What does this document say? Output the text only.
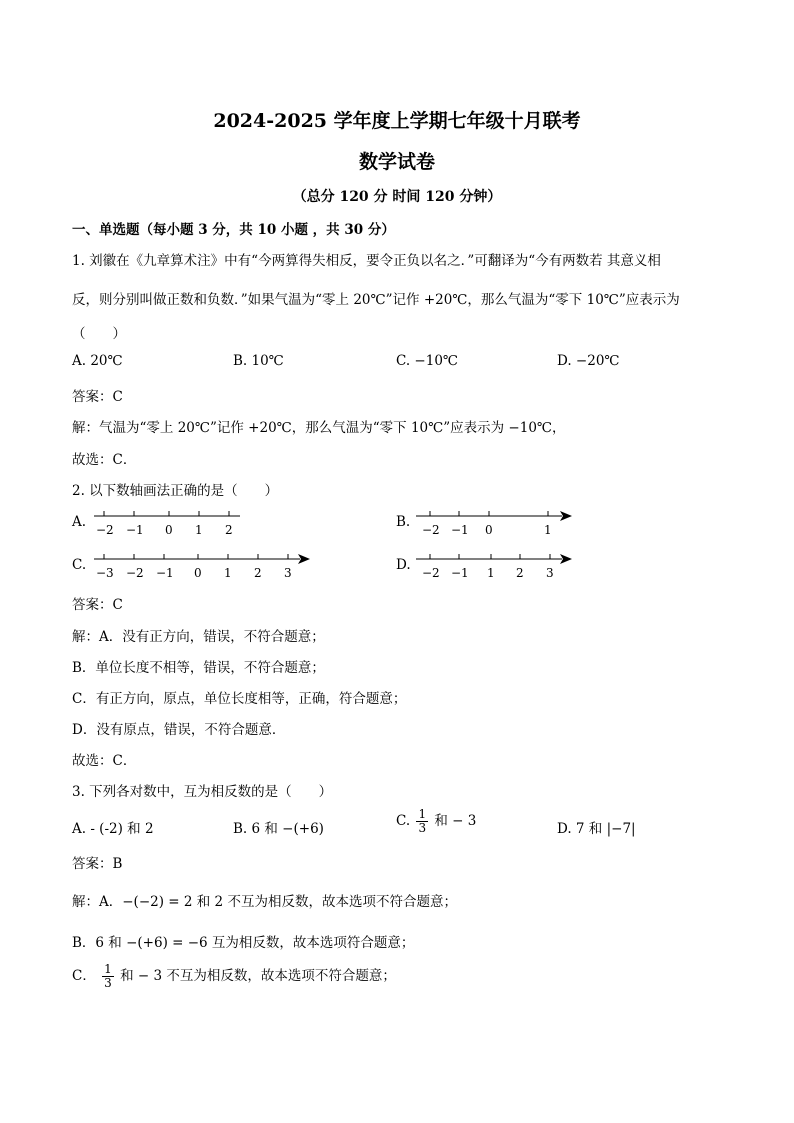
2024-2025 学年度上学期七年级十月联考
数学试卷
（总分 120 分 时间 120 分钟）
一、单选题（每小题 3 分，共 10 小题 ，共 30 分）
1. 刘徽在《九章算术注》中有“今两算得失相反，要令正负以名之．”可翻译为“今有两数若 其意义相
反，则分别叫做正数和负数．”如果气温为“零上 20℃”记作 +20℃，那么气温为“零下 10℃”应表示为
（　　）
A. 20℃	B. 10℃	C. −10℃	D. −20℃
答案：C
解：气温为“零上 20℃”记作 +20℃，那么气温为“零下 10℃”应表示为 −10℃，
故选：C．
2. 以下数轴画法正确的是（　　）
A.	B.
C.	D.
−2 −1 0 1 2	−2 −1 0	1
−3 −2 −1 0 1 2 3	−2 −1 1 2 3
答案：C
解：A．没有正方向，错误，不符合题意；
B．单位长度不相等，错误，不符合题意；
C．有正方向，原点，单位长度相等，正确，符合题意；
D．没有原点，错误，不符合题意．
故选：C．
3. 下列各对数中，互为相反数的是（　　）
A. - (-2) 和 2	B. 6 和 −(+6)	C. $\frac{1}{3}$ 和 − 3	D. 7 和 |−7|
答案：B
解：A．−(−2) = 2 和 2 不互为相反数，故本选项不符合题意；
B．6 和 −(+6) = −6 互为相反数，故本选项符合题意；
C． $\frac{1}{3}$ 和 − 3 不互为相反数，故本选项不符合题意；
